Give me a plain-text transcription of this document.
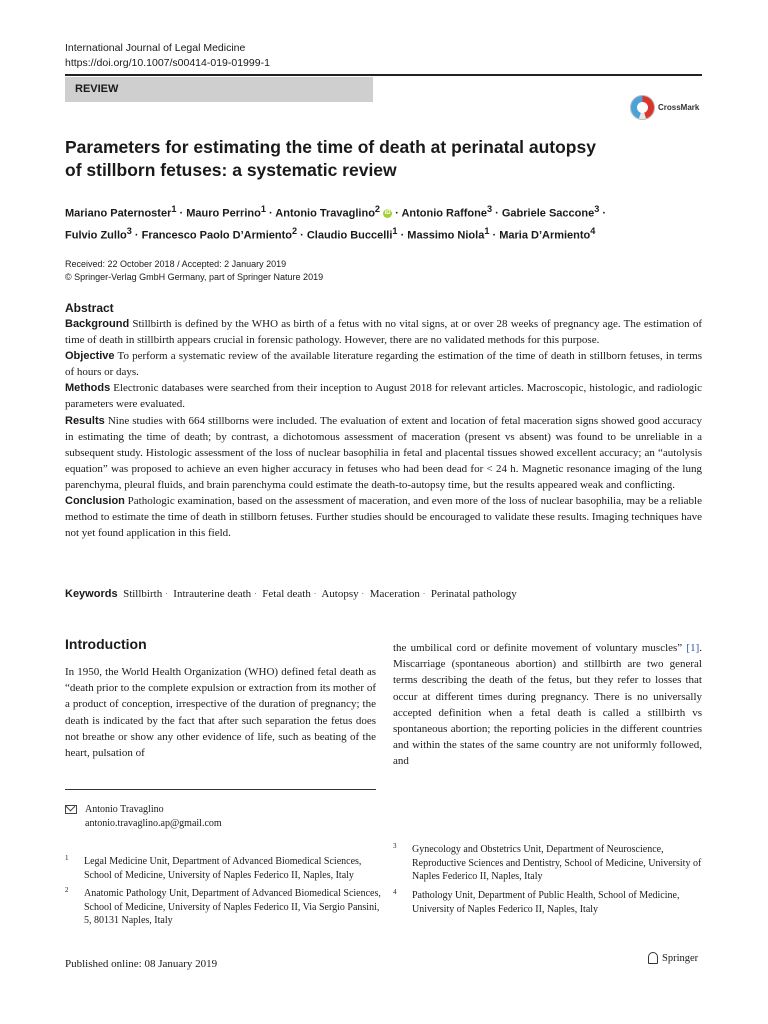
International Journal of Legal Medicine
https://doi.org/10.1007/s00414-019-01999-1
REVIEW
CrossMark
Parameters for estimating the time of death at perinatal autopsy
of stillborn fetuses: a systematic review
Mariano Paternoster$^1$ · Mauro Perrino$^1$ · Antonio Travaglino$^2$ iD · Antonio Raffone$^3$ · Gabriele Saccone$^3$ ·
Fulvio Zullo$^3$ · Francesco Paolo D’Armiento$^2$ · Claudio Buccelli$^1$ · Massimo Niola$^1$ · Maria D’Armiento$^4$
Received: 22 October 2018 / Accepted: 2 January 2019
© Springer-Verlag GmbH Germany, part of Springer Nature 2019
Abstract

Background Stillbirth is defined by the WHO as birth of a fetus with no vital signs, at or over 28 weeks of pregnancy age. The estimation of time of death in stillbirth appears crucial in forensic pathology. However, there are no validated methods for this purpose.

Objective To perform a systematic review of the available literature regarding the estimation of the time of death in stillborn fetuses, in terms of hours or days.

Methods Electronic databases were searched from their inception to August 2018 for relevant articles. Macroscopic, histologic, and radiologic parameters were evaluated.

Results Nine studies with 664 stillborns were included. The evaluation of extent and location of fetal maceration signs showed good accuracy in estimating the time of death; by contrast, a dichotomous assessment of maceration (present vs absent) was found to be unreliable in a subsequent study. Histologic assessment of the loss of nuclear basophilia in fetal and placental tissues showed excellent accuracy; an “autolysis equation” was proposed to achieve an even higher accuracy in fetuses who had been dead for < 24 h. Magnetic resonance imaging of the lung parenchyma, pleural fluids, and brain parenchyma could estimate the death-to-autopsy time, but the results appeared weak and conflicting.

Conclusion Pathologic examination, based on the assessment of maceration, and even more of the loss of nuclear basophilia, may be a reliable method to estimate the time of death in stillborn fetuses. Further studies should be encouraged to validate these results. Imaging techniques have not yet found application in this field.

Keywords Stillbirth · Intrauterine death · Fetal death · Autopsy · Maceration · Perinatal pathology
Introduction

In 1950, the World Health Organization (WHO) defined fetal death as “death prior to the complete expulsion or extraction from its mother of a product of conception, irrespective of the duration of pregnancy; the death is indicated by the fact that after such separation the fetus does not breathe or show any other evidence of life, such as beating of the heart, pulsation of

the umbilical cord or definite movement of voluntary muscles” [1]. Miscarriage (spontaneous abortion) and stillbirth are two general terms describing the death of the fetus, but they refer to losses that occur at different times during pregnancy. There is no universally accepted definition when a fetal death is called a stillbirth vs spontaneous abortion; the reporting policies in the different countries and within the states of the same country are not uniformly followed, and

Antonio Travaglino
antonio.travaglino.ap@gmail.com
1 Legal Medicine Unit, Department of Advanced Biomedical Sciences, School of Medicine, University of Naples Federico II, Naples, Italy
2 Anatomic Pathology Unit, Department of Advanced Biomedical Sciences, School of Medicine, University of Naples Federico II, Via Sergio Pansini, 5, 80131 Naples, Italy
3 Gynecology and Obstetrics Unit, Department of Neuroscience, Reproductive Sciences and Dentistry, School of Medicine, University of Naples Federico II, Naples, Italy
4 Pathology Unit, Department of Public Health, School of Medicine, University of Naples Federico II, Naples, Italy
Published online: 08 January 2019	Springer
